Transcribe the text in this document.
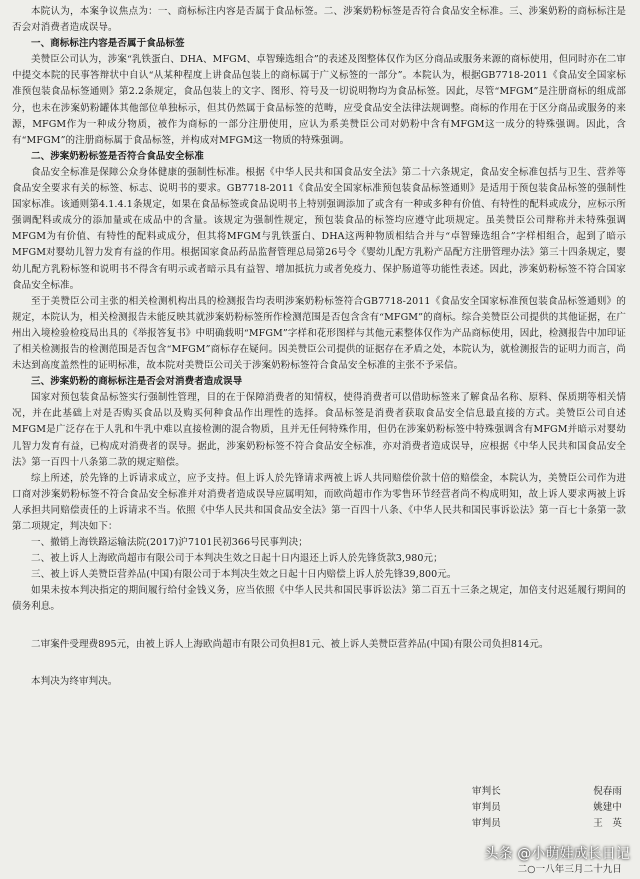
本院认为，本案争议焦点为：一、商标标注内容是否属于食品标签。二、涉案奶粉标签是否符合食品安全标准。三、涉案奶粉的商标标注是否会对消费者造成误导。

一、商标标注内容是否属于食品标签

美赞臣公司认为，涉案“乳铁蛋白、DHA、MFGM、卓智臻选组合”的表述及图整体仅作为区分商品或服务来源的商标使用，但同时亦在二审中提交本院的民事答辩状中自认“从某种程度上讲食品包装上的商标属于广义标签的一部分”。本院认为，根据GB7718-2011《食品安全国家标准预包装食品标签通则》第2.2条规定，食品包装上的文字、图形、符号及一切说明物均为食品标签。因此，尽管“MFGM”是注册商标的组成部分，也未在涉案奶粉罐体其他部位单独标示，但其仍然属于食品标签的范畴，应受食品安全法律法规调整。商标的作用在于区分商品或服务的来源，MFGM作为一种成分物质，被作为商标的一部分注册使用，应认为系美赞臣公司对奶粉中含有MFGM这一成分的特殊强调。因此，含有“MFGM”的注册商标属于食品标签，并构成对MFGM这一物质的特殊强调。

二、涉案奶粉标签是否符合食品安全标准

食品安全标准是保障公众身体健康的强制性标准。根据《中华人民共和国食品安全法》第二十六条规定，食品安全标准包括与卫生、营养等食品安全要求有关的标签、标志、说明书的要求。GB7718-2011《食品安全国家标准预包装食品标签通则》是适用于预包装食品标签的强制性国家标准。该通则第4.1.4.1条规定，如果在食品标签或食品说明书上特别强调添加了或含有一种或多种有价值、有特性的配料或成分，应标示所强调配料或成分的添加量或在成品中的含量。该规定为强制性规定，预包装食品的标签均应遵守此项规定。虽美赞臣公司辩称并未特殊强调MFGM为有价值、有特性的配料或成分，但其将MFGM与乳铁蛋白、DHA这两种物质相结合并与“卓智臻选组合”字样相组合，起到了暗示MFGM对婴幼儿智力发育有益的作用。根据国家食品药品监督管理总局第26号令《婴幼儿配方乳粉产品配方注册管理办法》第三十四条规定，婴幼儿配方乳粉标签和说明书不得含有明示或者暗示具有益智、增加抵抗力或者免疫力、保护肠道等功能性表述。因此，涉案奶粉标签不符合国家食品安全标准。

至于美赞臣公司主张的相关检测机构出具的检测报告均表明涉案奶粉标签符合GB7718-2011《食品安全国家标准预包装食品标签通则》的规定，本院认为，相关检测报告未能反映其就涉案奶粉标签所作检测范围是否包含含有“MFGM”的商标。综合美赞臣公司提供的其他证据，在广州出入境检验检疫局出具的《举报答复书》中明确载明“MFGM”字样和花形图样与其他元素整体仅作为产品商标使用，因此，检测报告中加印证了相关检测报告的检测范围是否包含“MFGM”商标存在疑问。因美赞臣公司提供的证据存在矛盾之处，本院认为，就检测报告的证明力而言，尚未达到高度盖然性的证明标准，故本院对美赞臣公司关于涉案奶粉标签符合食品安全标准的主张不予采信。

三、涉案奶粉的商标标注是否会对消费者造成误导

国家对预包装食品标签实行强制性管理，目的在于保障消费者的知情权，使得消费者可以借助标签来了解食品名称、原料、保质期等相关情况，并在此基础上对是否购买食品以及购买何种食品作出理性的选择。食品标签是消费者获取食品安全信息最直接的方式。美赞臣公司自述MFGM是广泛存在于人乳和牛乳中难以直接检测的混合物质，且并无任何特殊作用，但仍在涉案奶粉标签中特殊强调含有MFGM并暗示对婴幼儿智力发育有益，已构成对消费者的误导。据此，涉案奶粉标签不符合食品安全标准，亦对消费者造成误导，应根据《中华人民共和国食品安全法》第一百四十八条第二款的规定赔偿。

综上所述，於先锋的上诉请求成立，应予支持。但上诉人於先锋请求两被上诉人共同赔偿价款十倍的赔偿金，本院认为，美赞臣公司作为进口商对涉案奶粉标签不符合食品安全标准并对消费者造成误导应属明知，而欧尚超市作为零售环节经营者尚不构成明知，故上诉人要求两被上诉人承担共同赔偿责任的上诉请求不当。依照《中华人民共和国食品安全法》第一百四十八条、《中华人民共和国民事诉讼法》第一百七十条第一款第二项规定，判决如下：

一、撤销上海铁路运输法院(2017)沪7101民初366号民事判决；

二、被上诉人上海欧尚超市有限公司于本判决生效之日起十日内退还上诉人於先锋货款3,980元；

三、被上诉人美赞臣营养品(中国)有限公司于本判决生效之日起十日内赔偿上诉人於先锋39,800元。

如果未按本判决指定的期间履行给付金钱义务，应当依照《中华人民共和国民事诉讼法》第二百五十三条之规定，加倍支付迟延履行期间的债务利息。

二审案件受理费895元，由被上诉人上海欧尚超市有限公司负担81元、被上诉人美赞臣营养品(中国)有限公司负担814元。

本判决为终审判决。

审判长	倪春雨
审判员	姚建中
审判员	王　英
二○一八年三月二十九日
头条 @小萌娃成长日记
